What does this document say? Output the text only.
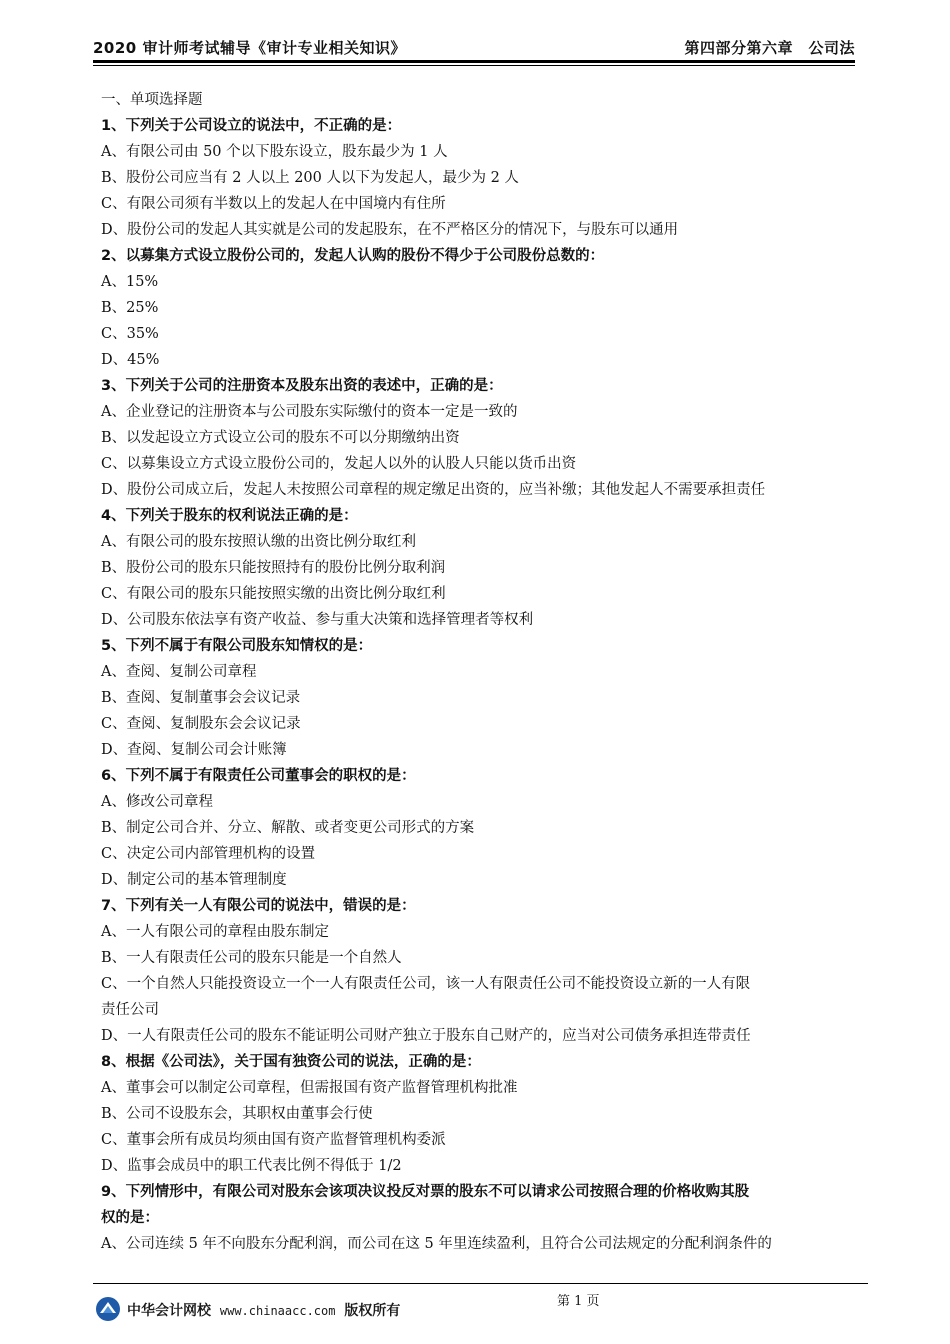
2020 审计师考试辅导《审计专业相关知识》	第四部分第六章　公司法
一、单项选择题
1、下列关于公司设立的说法中，不正确的是：
A、有限公司由 50 个以下股东设立，股东最少为 1 人
B、股份公司应当有 2 人以上 200 人以下为发起人，最少为 2 人
C、有限公司须有半数以上的发起人在中国境内有住所
D、股份公司的发起人其实就是公司的发起股东，在不严格区分的情况下，与股东可以通用
2、以募集方式设立股份公司的，发起人认购的股份不得少于公司股份总数的：
A、15%
B、25%
C、35%
D、45%
3、下列关于公司的注册资本及股东出资的表述中，正确的是：
A、企业登记的注册资本与公司股东实际缴付的资本一定是一致的
B、以发起设立方式设立公司的股东不可以分期缴纳出资
C、以募集设立方式设立股份公司的，发起人以外的认股人只能以货币出资
D、股份公司成立后，发起人未按照公司章程的规定缴足出资的，应当补缴；其他发起人不需要承担责任
4、下列关于股东的权利说法正确的是：
A、有限公司的股东按照认缴的出资比例分取红利
B、股份公司的股东只能按照持有的股份比例分取利润
C、有限公司的股东只能按照实缴的出资比例分取红利
D、公司股东依法享有资产收益、参与重大决策和选择管理者等权利
5、下列不属于有限公司股东知情权的是：
A、查阅、复制公司章程
B、查阅、复制董事会会议记录
C、查阅、复制股东会会议记录
D、查阅、复制公司会计账簿
6、下列不属于有限责任公司董事会的职权的是：
A、修改公司章程
B、制定公司合并、分立、解散、或者变更公司形式的方案
C、决定公司内部管理机构的设置
D、制定公司的基本管理制度
7、下列有关一人有限公司的说法中，错误的是：
A、一人有限公司的章程由股东制定
B、一人有限责任公司的股东只能是一个自然人
C、一个自然人只能投资设立一个一人有限责任公司，该一人有限责任公司不能投资设立新的一人有限
责任公司
D、一人有限责任公司的股东不能证明公司财产独立于股东自己财产的，应当对公司债务承担连带责任
8、根据《公司法》，关于国有独资公司的说法，正确的是：
A、董事会可以制定公司章程，但需报国有资产监督管理机构批准
B、公司不设股东会，其职权由董事会行使
C、董事会所有成员均须由国有资产监督管理机构委派
D、监事会成员中的职工代表比例不得低于 1/2
9、下列情形中，有限公司对股东会该项决议投反对票的股东不可以请求公司按照合理的价格收购其股
权的是：
A、公司连续 5 年不向股东分配利润，而公司在这 5 年里连续盈利，且符合公司法规定的分配利润条件的
中华会计网校 www.chinaacc.com 版权所有
第 1 页
